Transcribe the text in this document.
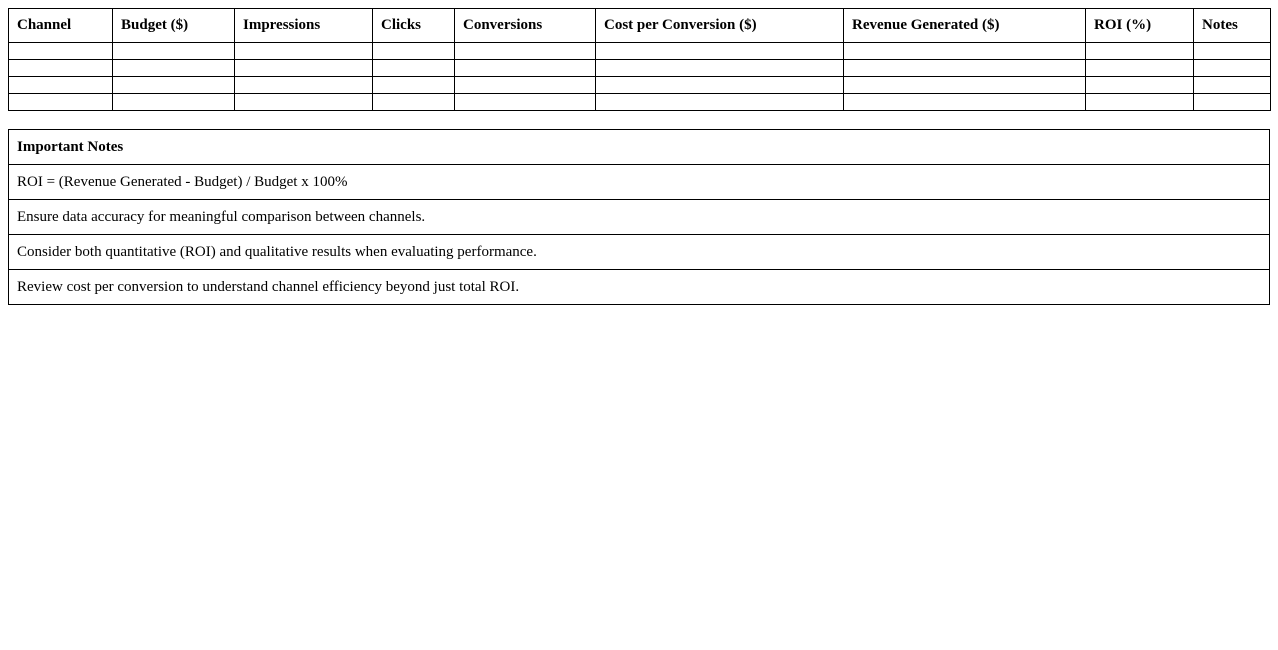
Channel	Budget ($)	Impressions	Clicks	Conversions	Cost per Conversion ($)	Revenue Generated ($)	ROI (%)	Notes

Important Notes
ROI = (Revenue Generated - Budget) / Budget x 100%
Ensure data accuracy for meaningful comparison between channels.
Consider both quantitative (ROI) and qualitative results when evaluating performance.
Review cost per conversion to understand channel efficiency beyond just total ROI.
